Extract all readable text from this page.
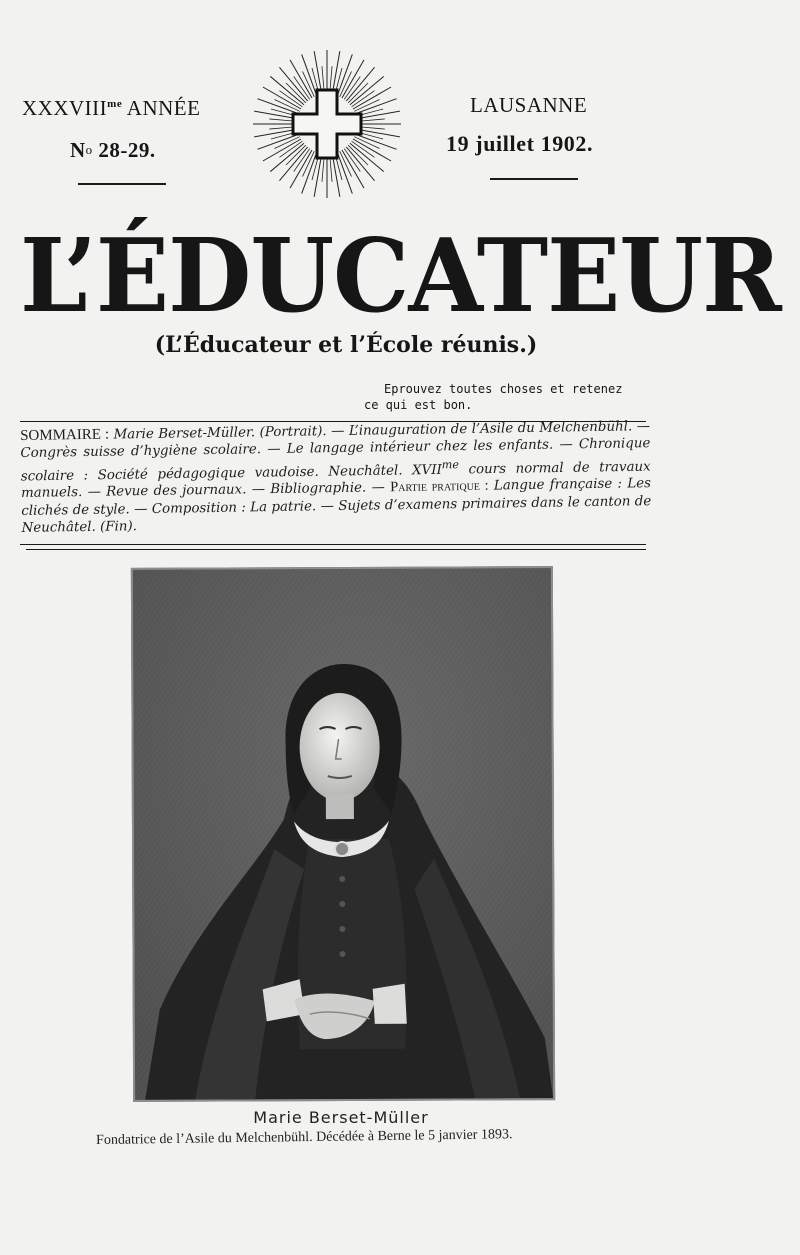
$XXXVIII^{me}$ ANNÉE
No 28-29.
LAUSANNE
19 juillet 1902.
L’ÉDUCATEUR
(L’Éducateur et l’École réunis.)
Eprouvez toutes choses et retenez
ce qui est bon.
SOMMAIRE : Marie Berset-Müller. (Portrait). — L’inauguration de l’Asile du Melchenbühl. — Congrès suisse d’hygiène scolaire. — Le langage intérieur chez les enfants. — Chronique scolaire : Société pédagogique vaudoise. Neuchâtel. $XVII^{me}$ cours normal de travaux manuels. — Revue des journaux. — Bibliographie. — Partie pratique : Langue française : Les clichés de style. — Composition : La patrie. — Sujets d’examens primaires dans le canton de Neuchâtel. (Fin).
Marie Berset-Müller
Fondatrice de l’Asile du Melchenbühl. Décédée à Berne le 5 janvier 1893.
